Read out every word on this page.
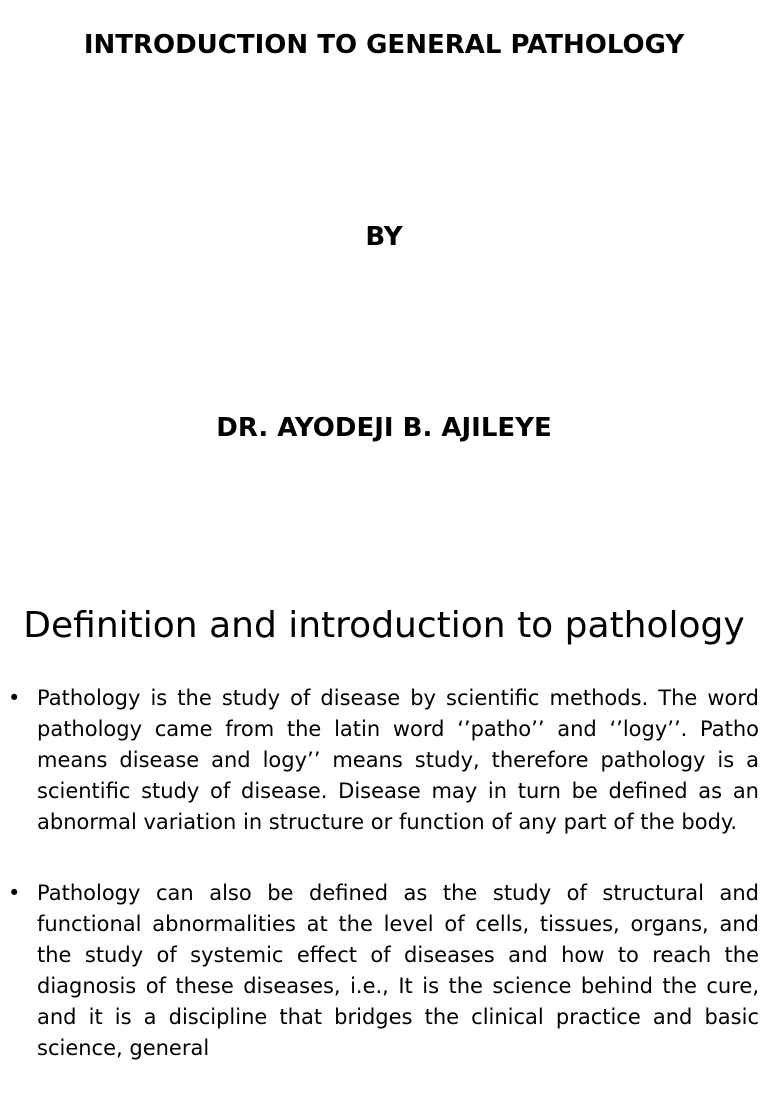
INTRODUCTION TO GENERAL PATHOLOGY
BY
DR. AYODEJI B. AJILEYE
Definition and introduction to pathology
• Pathology is the study of disease by scientific methods. The word pathology came from the latin word ‘’patho’’ and ‘’logy’’. Patho means disease and logy’’ means study, therefore pathology is a scientific study of disease. Disease may in turn be defined as an abnormal variation in structure or function of any part of the body.
• Pathology can also be defined as the study of structural and functional abnormalities at the level of cells, tissues, organs, and the study of systemic effect of diseases and how to reach the diagnosis of these diseases, i.e., It is the science behind the cure, and it is a discipline that bridges the clinical practice and basic science, general
